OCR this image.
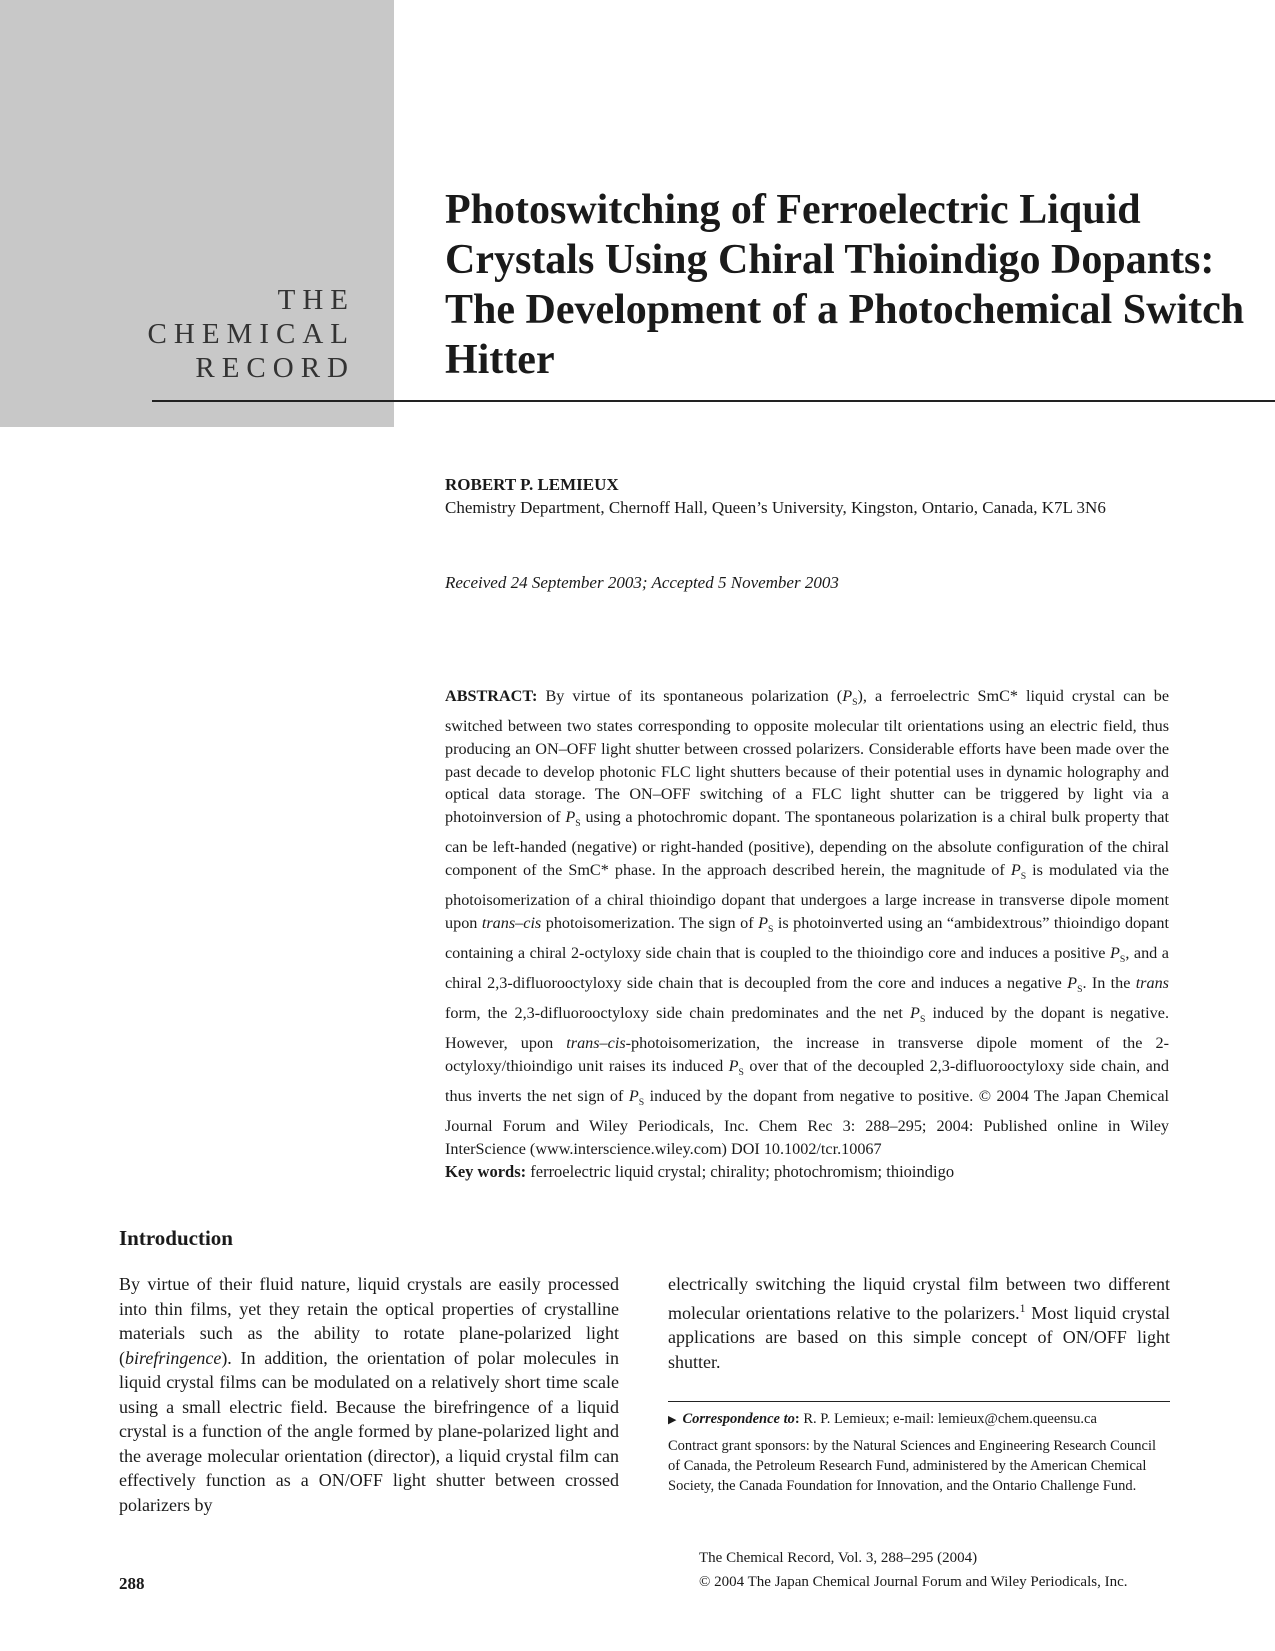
THE
CHEMICAL
RECORD
Photoswitching of Ferroelectric Liquid Crystals Using Chiral Thioindigo Dopants: The Development of a Photochemical Switch Hitter
ROBERT P. LEMIEUX
Chemistry Department, Chernoff Hall, Queen’s University, Kingston, Ontario, Canada, K7L 3N6
Received 24 September 2003; Accepted 5 November 2003

ABSTRACT: By virtue of its spontaneous polarization $(P_S)$, a ferroelectric SmC* liquid crystal can be switched between two states corresponding to opposite molecular tilt orientations using an electric field, thus producing an ON–OFF light shutter between crossed polarizers. Considerable efforts have been made over the past decade to develop photonic FLC light shutters because of their potential uses in dynamic holography and optical data storage. The ON–OFF switching of a FLC light shutter can be triggered by light via a photoinversion of $P_S$ using a photochromic dopant. The spontaneous polarization is a chiral bulk property that can be left-handed (negative) or right-handed (positive), depending on the absolute configuration of the chiral component of the SmC* phase. In the approach described herein, the magnitude of $P_S$ is modulated via the photoisomerization of a chiral thioindigo dopant that undergoes a large increase in transverse dipole moment upon trans–cis photoisomerization. The sign of $P_S$ is photoinverted using an “ambidextrous” thioindigo dopant containing a chiral 2-octyloxy side chain that is coupled to the thioindigo core and induces a positive $P_S$, and a chiral 2,3-difluorooctyloxy side chain that is decoupled from the core and induces a negative $P_S$. In the trans form, the 2,3-difluorooctyloxy side chain predominates and the net $P_S$ induced by the dopant is negative. However, upon trans–cis-photoisomerization, the increase in transverse dipole moment of the 2-octyloxy/thioindigo unit raises its induced $P_S$ over that of the decoupled 2,3-difluorooctyloxy side chain, and thus inverts the net sign of $P_S$ induced by the dopant from negative to positive. © 2004 The Japan Chemical Journal Forum and Wiley Periodicals, Inc. Chem Rec 3: 288–295; 2004: Published online in Wiley InterScience (www.interscience.wiley.com) DOI 10.1002/tcr.10067

Key words: ferroelectric liquid crystal; chirality; photochromism; thioindigo
Introduction

By virtue of their fluid nature, liquid crystals are easily processed into thin films, yet they retain the optical properties of crystalline materials such as the ability to rotate plane-polarized light (birefringence). In addition, the orientation of polar molecules in liquid crystal films can be modulated on a relatively short time scale using a small electric field. Because the birefringence of a liquid crystal is a function of the angle formed by plane-polarized light and the average molecular orientation (director), a liquid crystal film can effectively function as a ON/OFF light shutter between crossed polarizers by

electrically switching the liquid crystal film between two different molecular orientations relative to the polarizers.$^1$ Most liquid crystal applications are based on this simple concept of ON/OFF light shutter.

▶ Correspondence to: R. P. Lemieux; e-mail: lemieux@chem.queensu.ca

Contract grant sponsors: by the Natural Sciences and Engineering Research Council of Canada, the Petroleum Research Fund, administered by the American Chemical Society, the Canada Foundation for Innovation, and the Ontario Challenge Fund.

288
The Chemical Record, Vol. 3, 288–295 (2004)
© 2004 The Japan Chemical Journal Forum and Wiley Periodicals, Inc.
